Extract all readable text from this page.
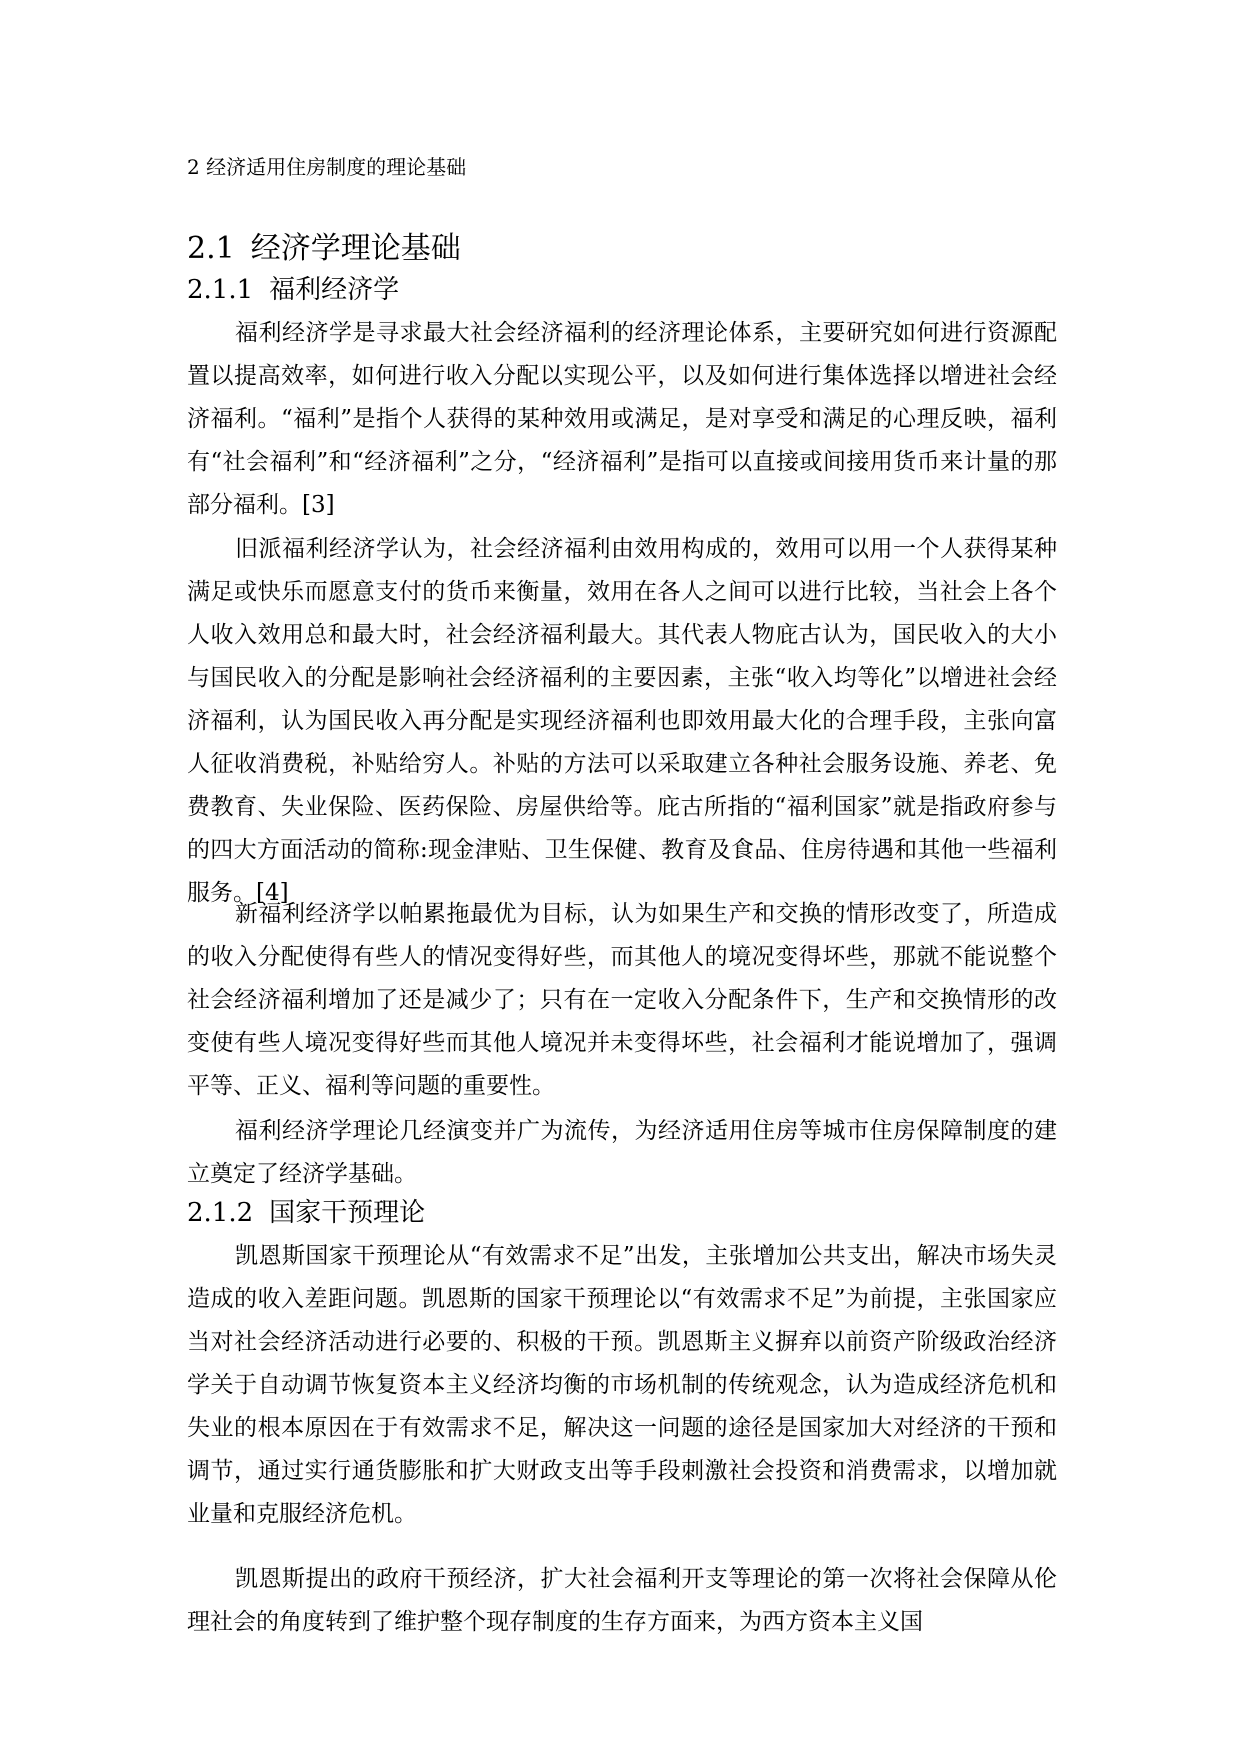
2 经济适用住房制度的理论基础
2.1 经济学理论基础
2.1.1 福利经济学

福利经济学是寻求最大社会经济福利的经济理论体系，主要研究如何进行资源配置以提高效率，如何进行收入分配以实现公平，以及如何进行集体选择以增进社会经济福利。“福利”是指个人获得的某种效用或满足，是对享受和满足的心理反映，福利有“社会福利”和“经济福利”之分，“经济福利”是指可以直接或间接用货币来计量的那部分福利。[3]

旧派福利经济学认为，社会经济福利由效用构成的，效用可以用一个人获得某种满足或快乐而愿意支付的货币来衡量，效用在各人之间可以进行比较，当社会上各个人收入效用总和最大时，社会经济福利最大。其代表人物庇古认为，国民收入的大小与国民收入的分配是影响社会经济福利的主要因素，主张“收入均等化”以增进社会经济福利，认为国民收入再分配是实现经济福利也即效用最大化的合理手段，主张向富人征收消费税，补贴给穷人。补贴的方法可以采取建立各种社会服务设施、养老、免费教育、失业保险、医药保险、房屋供给等。庇古所指的“福利国家”就是指政府参与的四大方面活动的简称:现金津贴、卫生保健、教育及食品、住房待遇和其他一些福利服务。[4]

新福利经济学以帕累拖最优为目标，认为如果生产和交换的情形改变了，所造成的收入分配使得有些人的情况变得好些，而其他人的境况变得坏些，那就不能说整个社会经济福利增加了还是减少了；只有在一定收入分配条件下，生产和交换情形的改变使有些人境况变得好些而其他人境况并未变得坏些，社会福利才能说增加了，强调平等、正义、福利等问题的重要性。

福利经济学理论几经演变并广为流传，为经济适用住房等城市住房保障制度的建立奠定了经济学基础。

2.1.2 国家干预理论

凯恩斯国家干预理论从“有效需求不足”出发，主张增加公共支出，解决市场失灵造成的收入差距问题。凯恩斯的国家干预理论以“有效需求不足”为前提，主张国家应当对社会经济活动进行必要的、积极的干预。凯恩斯主义摒弃以前资产阶级政治经济学关于自动调节恢复资本主义经济均衡的市场机制的传统观念，认为造成经济危机和失业的根本原因在于有效需求不足，解决这一问题的途径是国家加大对经济的干预和调节，通过实行通货膨胀和扩大财政支出等手段刺激社会投资和消费需求，以增加就业量和克服经济危机。

凯恩斯提出的政府干预经济，扩大社会福利开支等理论的第一次将社会保障从伦理社会的角度转到了维护整个现存制度的生存方面来，为西方资本主义国
